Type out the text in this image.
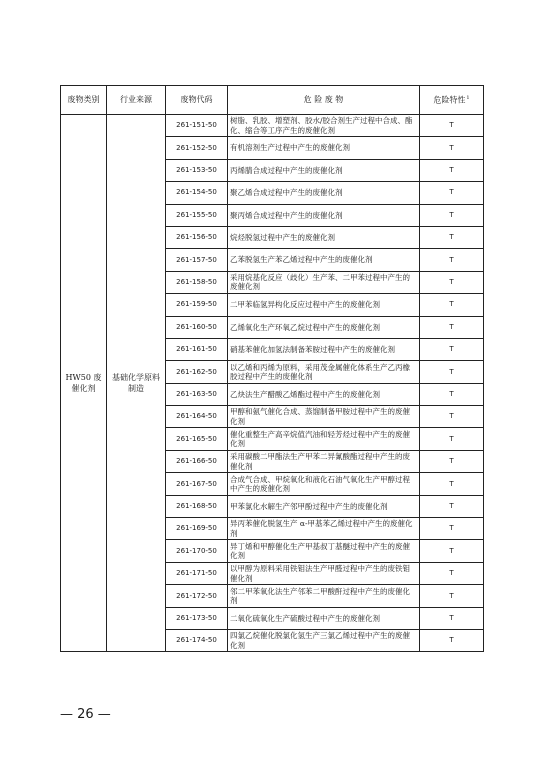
废物类别	行业来源	废物代码	危 险 废 物	危险特性$^1$
HW50 废催化剂	基础化学原料制造	261-151-50	树脂、乳胶、增塑剂、胶水/胶合剂生产过程中合成、酯化、缩合等工序产生的废催化剂	T
		261-152-50	有机溶剂生产过程中产生的废催化剂	T
		261-153-50	丙烯腈合成过程中产生的废催化剂	T
		261-154-50	聚乙烯合成过程中产生的废催化剂	T
		261-155-50	聚丙烯合成过程中产生的废催化剂	T
		261-156-50	烷烃脱氢过程中产生的废催化剂	T
		261-157-50	乙苯脱氢生产苯乙烯过程中产生的废催化剂	T
		261-158-50	采用烷基化反应（歧化）生产苯、二甲苯过程中产生的废催化剂	T
		261-159-50	二甲苯临氢异构化反应过程中产生的废催化剂	T
		261-160-50	乙烯氧化生产环氧乙烷过程中产生的废催化剂	T
		261-161-50	硝基苯催化加氢法制备苯胺过程中产生的废催化剂	T
		261-162-50	以乙烯和丙烯为原料，采用茂金属催化体系生产乙丙橡胶过程中产生的废催化剂	T
		261-163-50	乙炔法生产醋酸乙烯酯过程中产生的废催化剂	T
		261-164-50	甲醇和氨气催化合成、蒸馏制备甲胺过程中产生的废催化剂	T
		261-165-50	催化重整生产高辛烷值汽油和轻芳烃过程中产生的废催化剂	T
		261-166-50	采用碳酸二甲酯法生产甲苯二异氰酸酯过程中产生的废催化剂	T
		261-167-50	合成气合成、甲烷氧化和液化石油气氧化生产甲醇过程中产生的废催化剂	T
		261-168-50	甲苯氯化水解生产邻甲酚过程中产生的废催化剂	T
		261-169-50	异丙苯催化脱氢生产 α-甲基苯乙烯过程中产生的废催化剂	T
		261-170-50	异丁烯和甲醇催化生产甲基叔丁基醚过程中产生的废催化剂	T
		261-171-50	以甲醇为原料采用铁钼法生产甲醛过程中产生的废铁钼催化剂	T
		261-172-50	邻二甲苯氧化法生产邻苯二甲酸酐过程中产生的废催化剂	T
		261-173-50	二氧化硫氧化生产硫酸过程中产生的废催化剂	T
		261-174-50	四氯乙烷催化脱氯化氢生产三氯乙烯过程中产生的废催化剂	T
— 26 —
